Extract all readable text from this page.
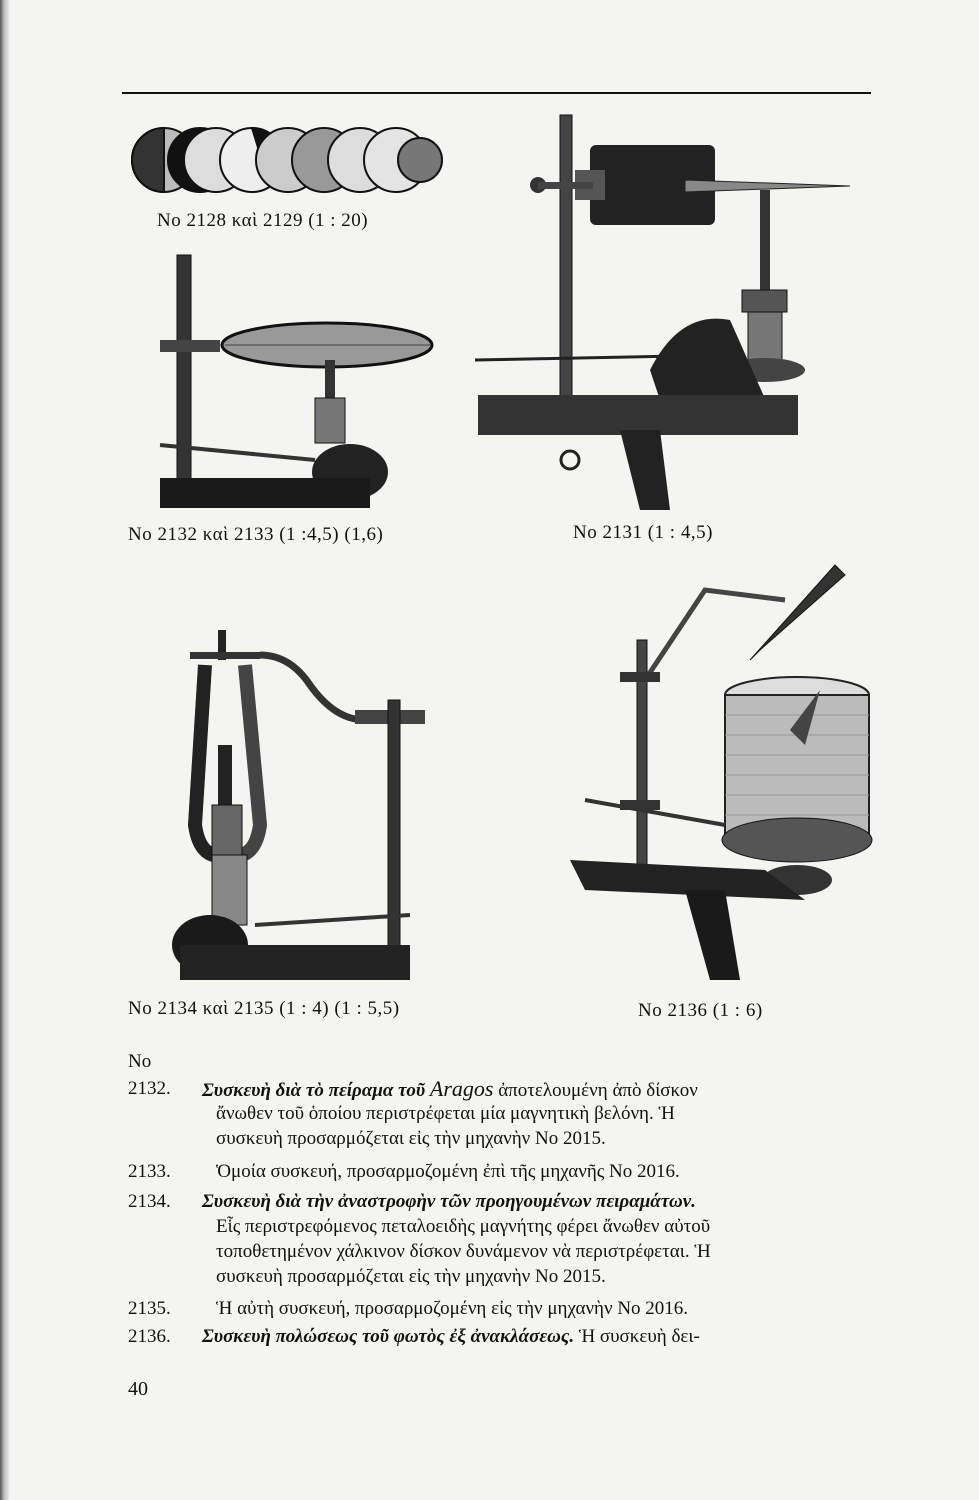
No 2128 καὶ 2129 (1 : 20)
No 2131 (1 : 4,5)
No 2132 καὶ 2133 (1 :4,5) (1,6)
No 2134 καὶ 2135 (1 : 4) (1 : 5,5)	No 2136 (1 : 6)
No
2132. Συσκευὴ διὰ τὸ πείραμα τοῦ Aragos ἀποτελουμένη ἀπὸ δίσκον
ἄνωθεν τοῦ ὁποίου περιστρέφεται μία μαγνητικὴ βελόνη. Ἡ
συσκευὴ προσαρμόζεται εἰς τὴν μηχανὴν No 2015.
2133. Ὁμοία συσκευή, προσαρμοζομένη ἐπὶ τῆς μηχανῆς No 2016.
2134. Συσκευὴ διὰ τὴν ἀναστροφὴν τῶν προηγουμένων πειραμάτων.
Εἷς περιστρεφόμενος πεταλοειδὴς μαγνήτης φέρει ἄνωθεν αὐτοῦ
τοποθετημένον χάλκινον δίσκον δυνάμενον νὰ περιστρέφεται. Ἡ
συσκευὴ προσαρμόζεται εἰς τὴν μηχανὴν No 2015.
2135. Ἡ αὐτὴ συσκευή, προσαρμοζομένη εἰς τὴν μηχανὴν No 2016.
2136. Συσκευὴ πολώσεως τοῦ φωτὸς ἐξ ἀνακλάσεως. Ἡ συσκευὴ δει-
40
